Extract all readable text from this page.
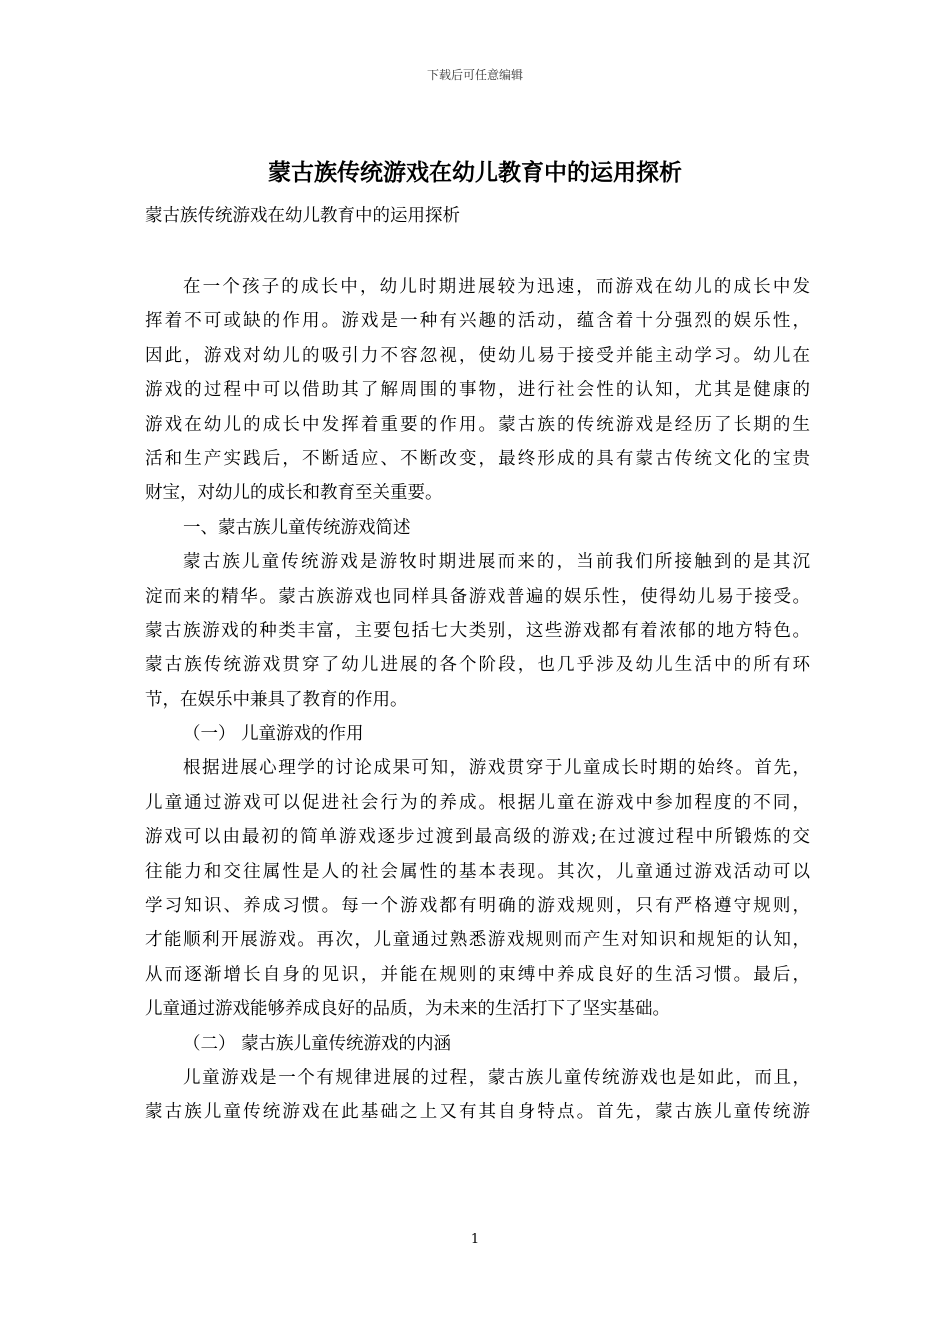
下载后可任意编辑
蒙古族传统游戏在幼儿教育中的运用探析
蒙古族传统游戏在幼儿教育中的运用探析
在一个孩子的成长中，幼儿时期进展较为迅速，而游戏在幼儿的成长中发
挥着不可或缺的作用。游戏是一种有兴趣的活动，蕴含着十分强烈的娱乐性，
因此，游戏对幼儿的吸引力不容忽视，使幼儿易于接受并能主动学习。幼儿在
游戏的过程中可以借助其了解周围的事物，进行社会性的认知，尤其是健康的
游戏在幼儿的成长中发挥着重要的作用。蒙古族的传统游戏是经历了长期的生
活和生产实践后，不断适应、不断改变，最终形成的具有蒙古传统文化的宝贵
财宝，对幼儿的成长和教育至关重要。
一、蒙古族儿童传统游戏简述
蒙古族儿童传统游戏是游牧时期进展而来的，当前我们所接触到的是其沉
淀而来的精华。蒙古族游戏也同样具备游戏普遍的娱乐性，使得幼儿易于接受。
蒙古族游戏的种类丰富，主要包括七大类别，这些游戏都有着浓郁的地方特色。
蒙古族传统游戏贯穿了幼儿进展的各个阶段，也几乎涉及幼儿生活中的所有环
节，在娱乐中兼具了教育的作用。
（一） 儿童游戏的作用
根据进展心理学的讨论成果可知，游戏贯穿于儿童成长时期的始终。首先，
儿童通过游戏可以促进社会行为的养成。根据儿童在游戏中参加程度的不同，
游戏可以由最初的简单游戏逐步过渡到最高级的游戏;在过渡过程中所锻炼的交
往能力和交往属性是人的社会属性的基本表现。其次，儿童通过游戏活动可以
学习知识、养成习惯。每一个游戏都有明确的游戏规则，只有严格遵守规则，
才能顺利开展游戏。再次，儿童通过熟悉游戏规则而产生对知识和规矩的认知，
从而逐渐增长自身的见识，并能在规则的束缚中养成良好的生活习惯。最后，
儿童通过游戏能够养成良好的品质，为未来的生活打下了坚实基础。
（二） 蒙古族儿童传统游戏的内涵
儿童游戏是一个有规律进展的过程，蒙古族儿童传统游戏也是如此，而且，
蒙古族儿童传统游戏在此基础之上又有其自身特点。首先，蒙古族儿童传统游
1
